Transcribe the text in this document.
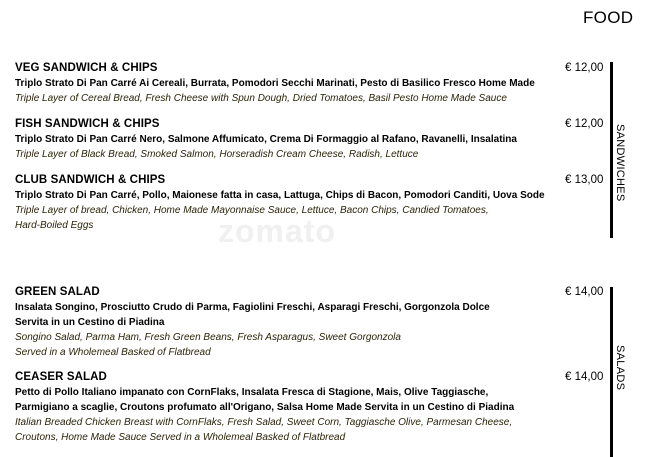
zomato
FOOD
VEG SANDWICH & CHIPS
Triplo Strato Di Pan Carré Ai Cereali, Burrata, Pomodori Secchi Marinati, Pesto di Basilico Fresco Home Made
Triple Layer of Cereal Bread, Fresh Cheese with Spun Dough, Dried Tomatoes, Basil Pesto Home Made Sauce
€ 12,00
FISH SANDWICH & CHIPS
Triplo Strato Di Pan Carré Nero, Salmone Affumicato, Crema Di Formaggio al Rafano, Ravanelli, Insalatina
Triple Layer of Black Bread, Smoked Salmon, Horseradish Cream Cheese, Radish, Lettuce
€ 12,00
CLUB SANDWICH & CHIPS
Triplo Strato Di Pan Carré, Pollo, Maionese fatta in casa, Lattuga, Chips di Bacon, Pomodori Canditi, Uova Sode
Triple Layer of bread, Chicken, Home Made Mayonnaise Sauce, Lettuce, Bacon Chips, Candied Tomatoes,
Hard-Boiled Eggs
€ 13,00 SANDWICHES
GREEN SALAD
Insalata Songino, Prosciutto Crudo di Parma, Fagiolini Freschi, Asparagi Freschi, Gorgonzola Dolce
Servita in un Cestino di Piadina
Songino Salad, Parma Ham, Fresh Green Beans, Fresh Asparagus, Sweet Gorgonzola
Served in a Wholemeal Basked of Flatbread
€ 14,00
CEASER SALAD
Petto di Pollo Italiano impanato con CornFlaks, Insalata Fresca di Stagione, Mais, Olive Taggiasche,
Parmigiano a scaglie, Croutons profumato all'Origano, Salsa Home Made Servita in un Cestino di Piadina
Italian Breaded Chicken Breast with CornFlaks, Fresh Salad, Sweet Corn, Taggiasche Olive, Parmesan Cheese,
Croutons, Home Made Sauce Served in a Wholemeal Basked of Flatbread
€ 14,00 SALADS
